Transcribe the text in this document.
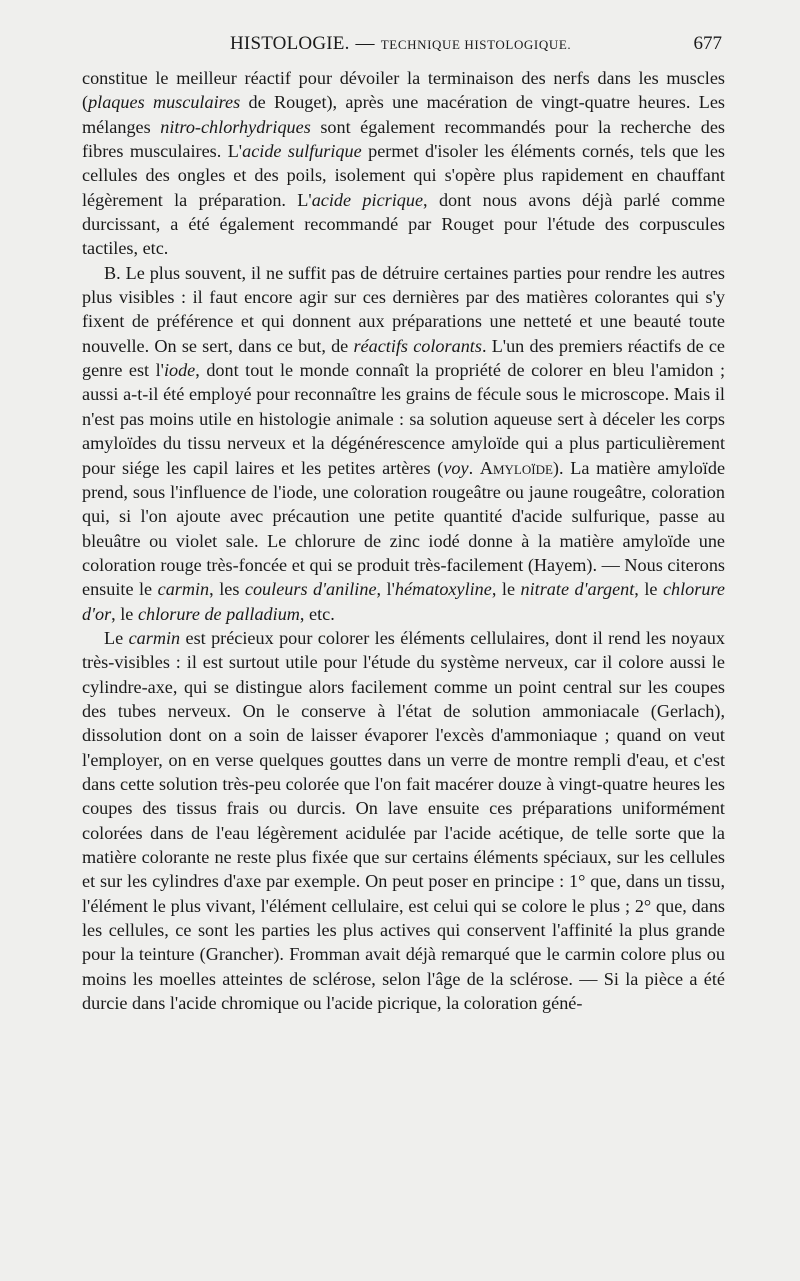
HISTOLOGIE. — TECHNIQUE HISTOLOGIQUE.	677

constitue le meilleur réactif pour dévoiler la terminaison des nerfs dans les muscles (plaques musculaires de Rouget), après une macération de vingt-quatre heures. Les mélanges nitro-chlorhydriques sont également recommandés pour la recherche des fibres musculaires. L'acide sulfurique permet d'isoler les éléments cornés, tels que les cellules des ongles et des poils, isolement qui s'opère plus rapidement en chauffant légèrement la préparation. L'acide picrique, dont nous avons déjà parlé comme durcissant, a été également recommandé par Rouget pour l'étude des corpuscules tactiles, etc.

B. Le plus souvent, il ne suffit pas de détruire certaines parties pour rendre les autres plus visibles : il faut encore agir sur ces dernières par des matières colorantes qui s'y fixent de préférence et qui donnent aux préparations une netteté et une beauté toute nouvelle. On se sert, dans ce but, de réactifs colorants. L'un des premiers réactifs de ce genre est l'iode, dont tout le monde connaît la propriété de colorer en bleu l'amidon ; aussi a-t-il été employé pour reconnaître les grains de fécule sous le microscope. Mais il n'est pas moins utile en histologie animale : sa solution aqueuse sert à déceler les corps amyloïdes du tissu nerveux et la dégénérescence amyloïde qui a plus particulièrement pour siége les capil laires et les petites artères (voy. Amyloïde). La matière amyloïde prend, sous l'influence de l'iode, une coloration rougeâtre ou jaune rougeâtre, coloration qui, si l'on ajoute avec précaution une petite quantité d'acide sulfurique, passe au bleuâtre ou violet sale. Le chlorure de zinc iodé donne à la matière amyloïde une coloration rouge très-foncée et qui se produit très-facilement (Hayem). — Nous citerons ensuite le carmin, les couleurs d'aniline, l'hématoxyline, le nitrate d'argent, le chlorure d'or, le chlorure de palladium, etc.

Le carmin est précieux pour colorer les éléments cellulaires, dont il rend les noyaux très-visibles : il est surtout utile pour l'étude du système nerveux, car il colore aussi le cylindre-axe, qui se distingue alors facilement comme un point central sur les coupes des tubes nerveux. On le conserve à l'état de solution ammoniacale (Gerlach), dissolution dont on a soin de laisser évaporer l'excès d'ammoniaque ; quand on veut l'employer, on en verse quelques gouttes dans un verre de montre rempli d'eau, et c'est dans cette solution très-peu colorée que l'on fait macérer douze à vingt-quatre heures les coupes des tissus frais ou durcis. On lave ensuite ces préparations uniformément colorées dans de l'eau légèrement acidulée par l'acide acétique, de telle sorte que la matière colorante ne reste plus fixée que sur certains éléments spéciaux, sur les cellules et sur les cylindres d'axe par exemple. On peut poser en principe : 1° que, dans un tissu, l'élément le plus vivant, l'élément cellulaire, est celui qui se colore le plus ; 2° que, dans les cellules, ce sont les parties les plus actives qui conservent l'affinité la plus grande pour la teinture (Grancher). Fromman avait déjà remarqué que le carmin colore plus ou moins les moelles atteintes de sclérose, selon l'âge de la sclérose. — Si la pièce a été durcie dans l'acide chromique ou l'acide picrique, la coloration géné-
